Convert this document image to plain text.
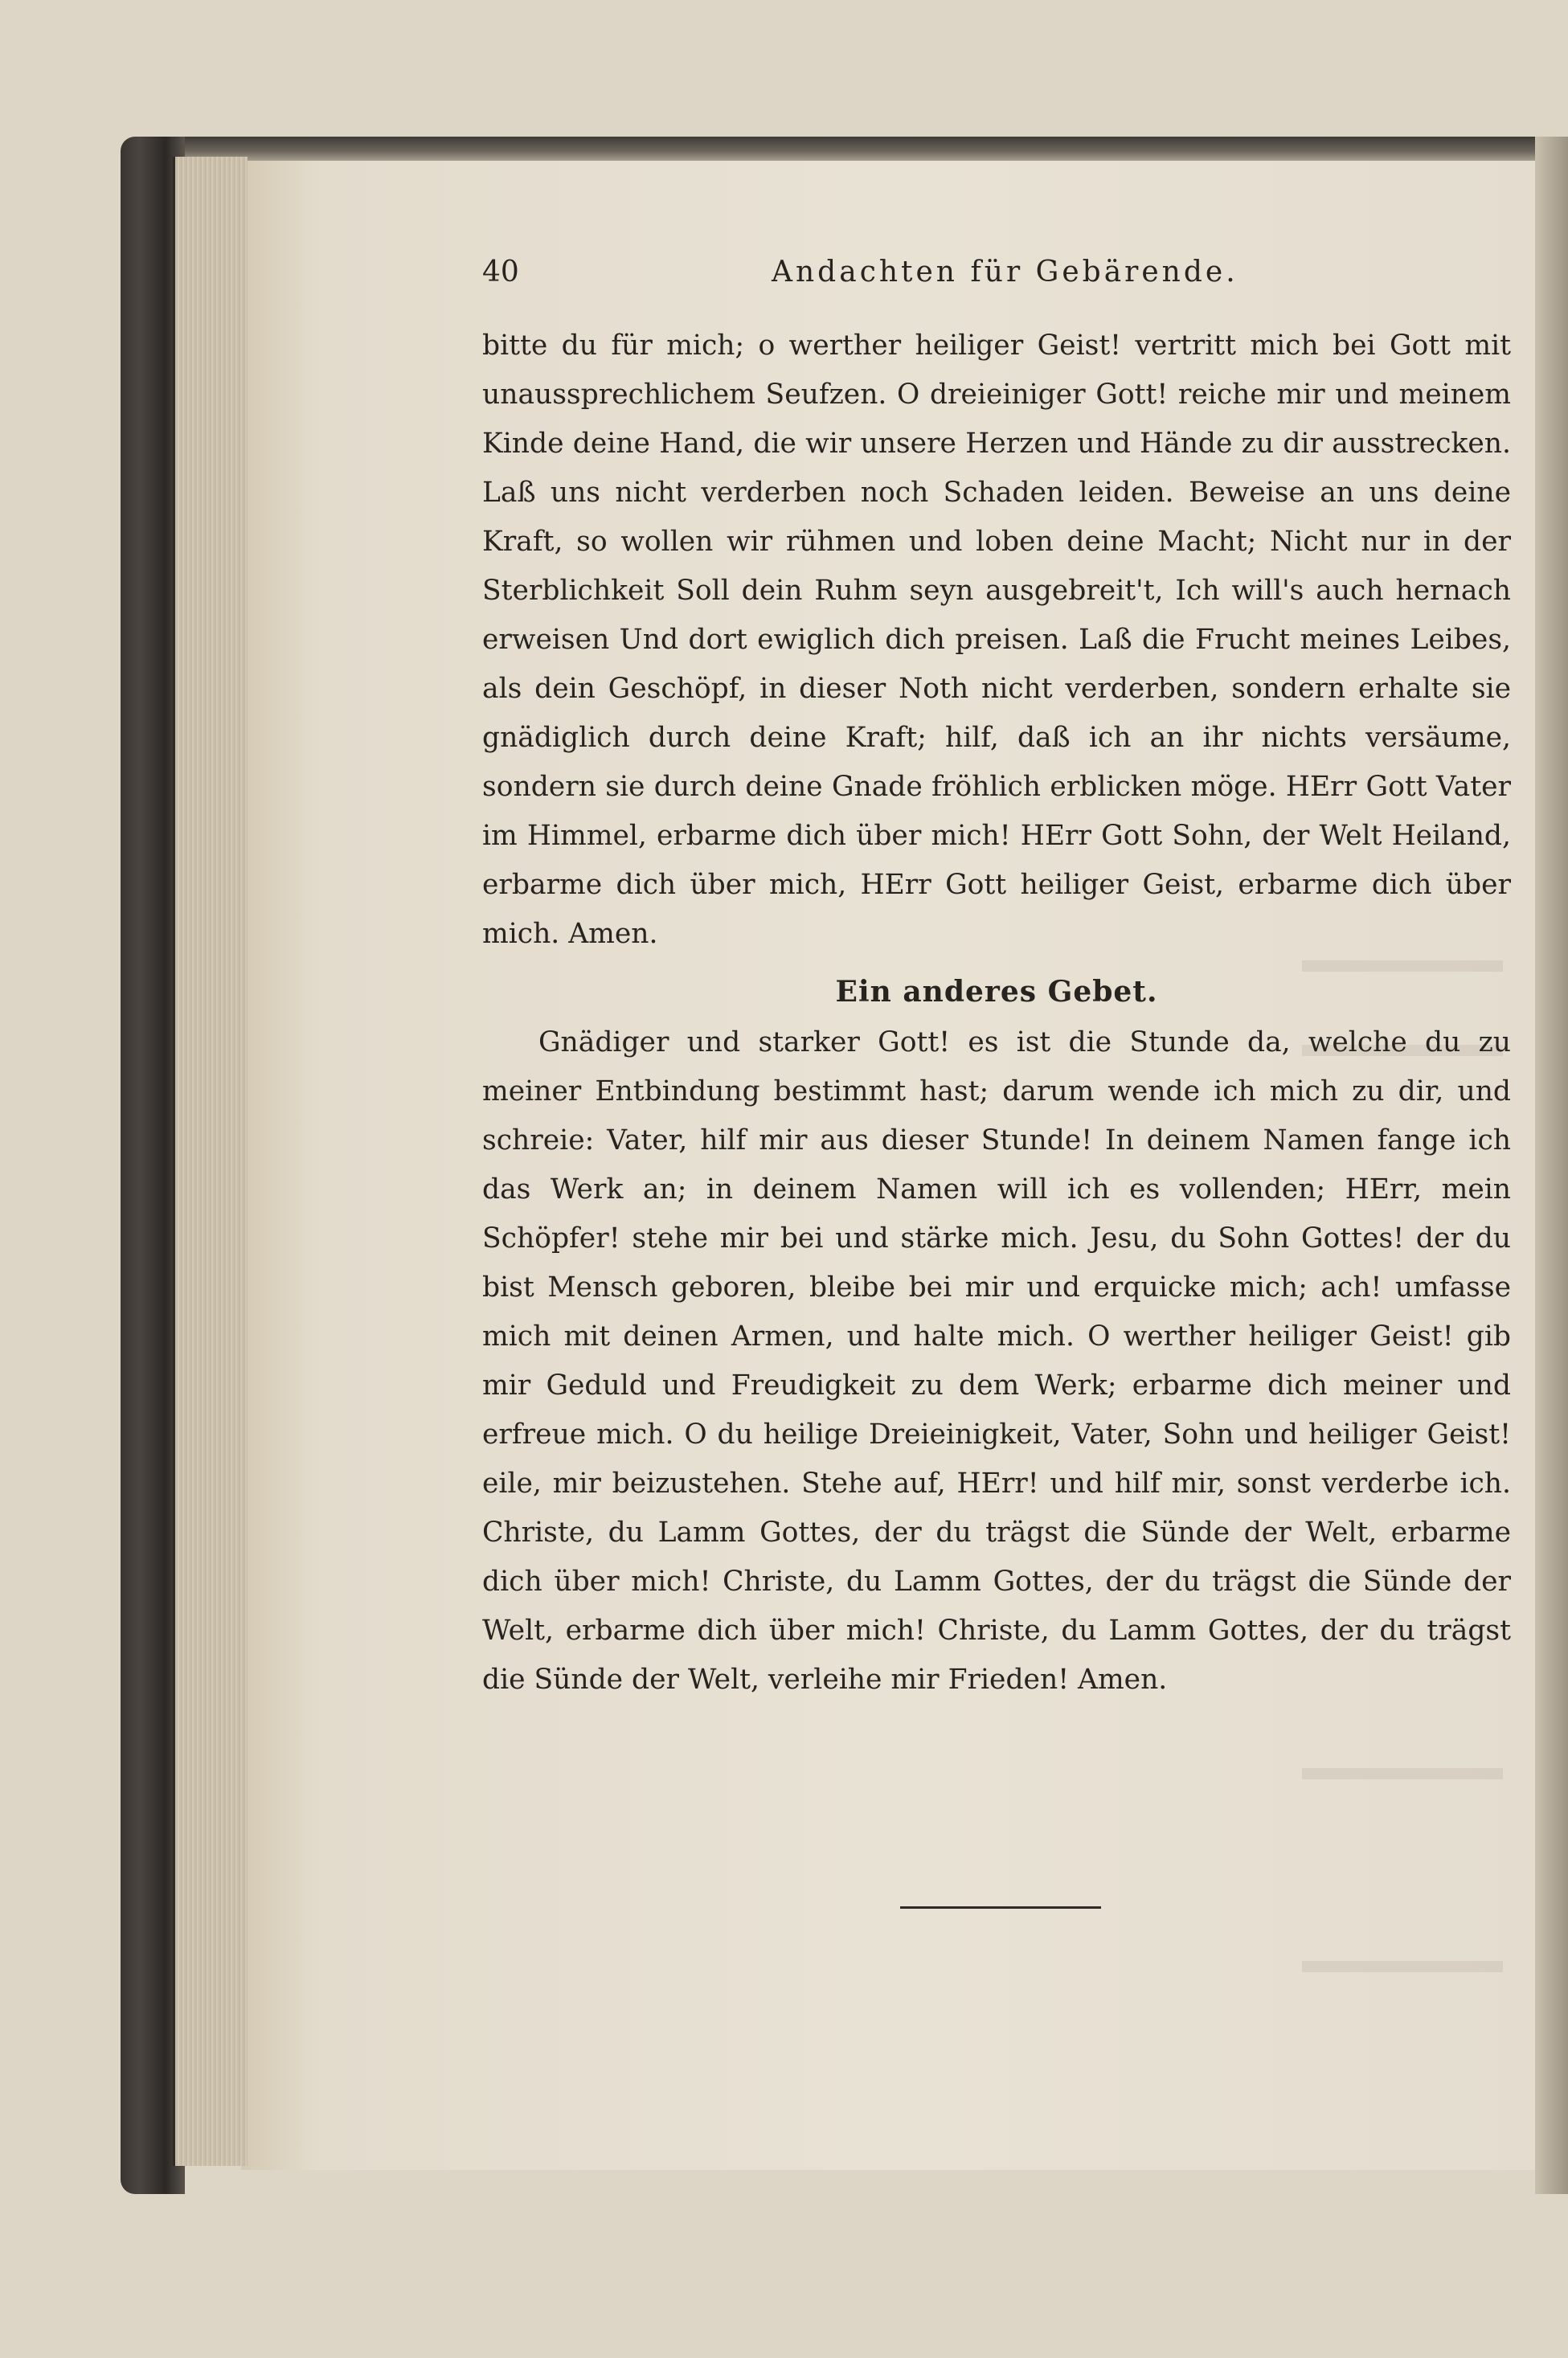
40	Andachten für Gebärende.

bitte du für mich; o werther heiliger Geist! vertritt mich bei Gott mit unaussprechlichem Seufzen. O dreieiniger Gott! reiche mir und meinem Kinde deine Hand, die wir unsere Herzen und Hände zu dir ausstrecken. Laß uns nicht verderben noch Schaden leiden. Beweise an uns deine Kraft, so wollen wir rühmen und loben deine Macht; Nicht nur in der Sterblichkeit Soll dein Ruhm seyn ausgebreit't, Ich will's auch hernach erweisen Und dort ewiglich dich preisen. Laß die Frucht meines Leibes, als dein Geschöpf, in dieser Noth nicht verderben, sondern erhalte sie gnädiglich durch deine Kraft; hilf, daß ich an ihr nichts versäume, sondern sie durch deine Gnade fröhlich erblicken möge. HErr Gott Vater im Himmel, erbarme dich über mich! HErr Gott Sohn, der Welt Heiland, erbarme dich über mich, HErr Gott heiliger Geist, erbarme dich über mich. Amen.

Ein anderes Gebet.

Gnädiger und starker Gott! es ist die Stunde da, welche du zu meiner Entbindung bestimmt hast; darum wende ich mich zu dir, und schreie: Vater, hilf mir aus dieser Stunde! In deinem Namen fange ich das Werk an; in deinem Namen will ich es vollenden; HErr, mein Schöpfer! stehe mir bei und stärke mich. Jesu, du Sohn Gottes! der du bist Mensch geboren, bleibe bei mir und erquicke mich; ach! umfasse mich mit deinen Armen, und halte mich. O werther heiliger Geist! gib mir Geduld und Freudigkeit zu dem Werk; erbarme dich meiner und erfreue mich. O du heilige Dreieinigkeit, Vater, Sohn und heiliger Geist! eile, mir beizustehen. Stehe auf, HErr! und hilf mir, sonst verderbe ich. Christe, du Lamm Gottes, der du trägst die Sünde der Welt, erbarme dich über mich! Christe, du Lamm Gottes, der du trägst die Sünde der Welt, erbarme dich über mich! Christe, du Lamm Gottes, der du trägst die Sünde der Welt, verleihe mir Frieden! Amen.
